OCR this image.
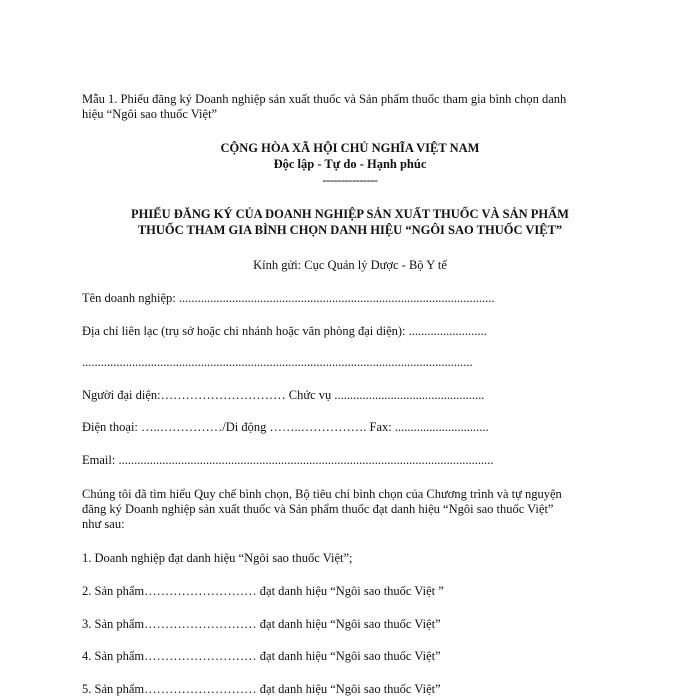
Mẫu 1. Phiếu đăng ký Doanh nghiệp sản xuất thuốc và Sản phẩm thuốc tham gia bình chọn danh
hiệu “Ngôi sao thuốc Việt”
CỘNG HÒA XÃ HỘI CHỦ NGHĨA VIỆT NAM
Độc lập - Tự do - Hạnh phúc
---------------
PHIẾU ĐĂNG KÝ CỦA DOANH NGHIỆP SẢN XUẤT THUỐC VÀ SẢN PHẨM
THUỐC THAM GIA BÌNH CHỌN DANH HIỆU “NGÔI SAO THUỐC VIỆT”
Kính gửi: Cục Quản lý Dược - Bộ Y tế
Tên doanh nghiệp: .....................................................................................................
Địa chỉ liên lạc (trụ sở hoặc chi nhánh hoặc văn phòng đại diện): .........................
.............................................................................................................................
Người đại diện:………………………… Chức vụ ................................................
Điện thoại: …..……………/Di động ……..……………. Fax: ..............................
Email: ........................................................................................................................
Chúng tôi đã tìm hiểu Quy chế bình chọn, Bộ tiêu chí bình chọn của Chương trình và tự nguyện
đăng ký Doanh nghiệp sản xuất thuốc và Sản phẩm thuốc đạt danh hiệu “Ngôi sao thuốc Việt”
như sau:
1. Doanh nghiệp đạt danh hiệu “Ngôi sao thuốc Việt”;
2. Sản phẩm……………………… đạt danh hiệu “Ngôi sao thuốc Việt ”
3. Sản phẩm……………………… đạt danh hiệu “Ngôi sao thuốc Việt”
4. Sản phẩm……………………… đạt danh hiệu “Ngôi sao thuốc Việt”
5. Sản phẩm……………………… đạt danh hiệu “Ngôi sao thuốc Việt”
